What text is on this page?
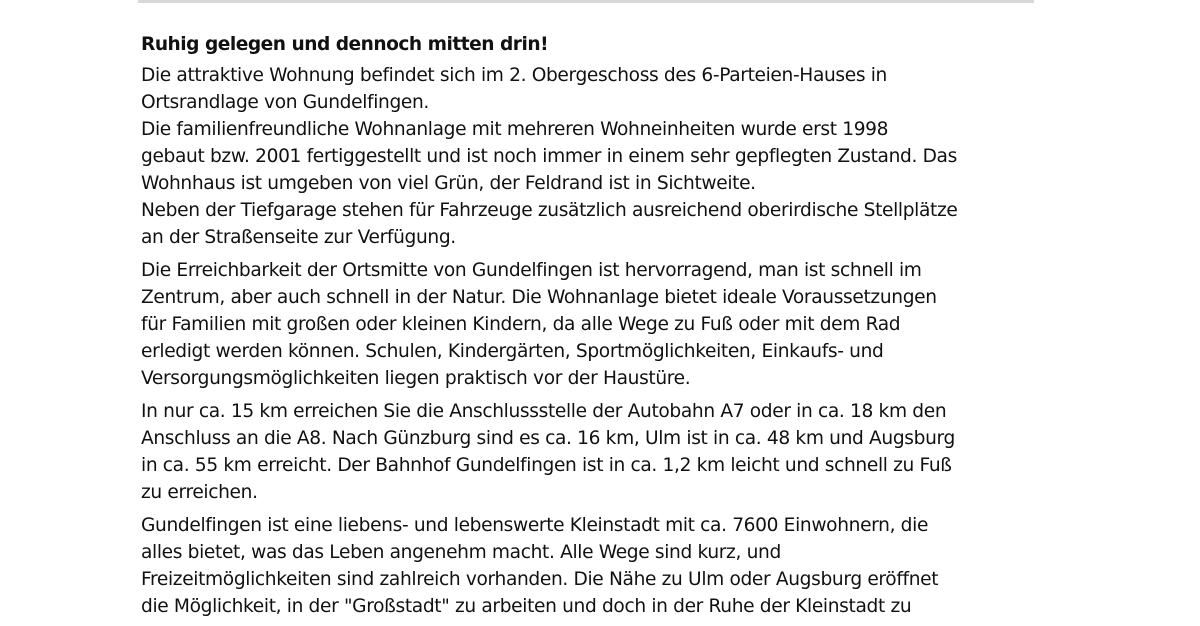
Ruhig gelegen und dennoch mitten drin!
Die attraktive Wohnung befindet sich im 2. Obergeschoss des 6-Parteien-Hauses in
Ortsrandlage von Gundelfingen.
Die familienfreundliche Wohnanlage mit mehreren Wohneinheiten wurde erst 1998
gebaut bzw. 2001 fertiggestellt und ist noch immer in einem sehr gepflegten Zustand. Das
Wohnhaus ist umgeben von viel Grün, der Feldrand ist in Sichtweite.
Neben der Tiefgarage stehen für Fahrzeuge zusätzlich ausreichend oberirdische Stellplätze
an der Straßenseite zur Verfügung.
Die Erreichbarkeit der Ortsmitte von Gundelfingen ist hervorragend, man ist schnell im
Zentrum, aber auch schnell in der Natur. Die Wohnanlage bietet ideale Voraussetzungen
für Familien mit großen oder kleinen Kindern, da alle Wege zu Fuß oder mit dem Rad
erledigt werden können. Schulen, Kindergärten, Sportmöglichkeiten, Einkaufs- und
Versorgungsmöglichkeiten liegen praktisch vor der Haustüre.
In nur ca. 15 km erreichen Sie die Anschlussstelle der Autobahn A7 oder in ca. 18 km den
Anschluss an die A8. Nach Günzburg sind es ca. 16 km, Ulm ist in ca. 48 km und Augsburg
in ca. 55 km erreicht. Der Bahnhof Gundelfingen ist in ca. 1,2 km leicht und schnell zu Fuß
zu erreichen.
Gundelfingen ist eine liebens- und lebenswerte Kleinstadt mit ca. 7600 Einwohnern, die
alles bietet, was das Leben angenehm macht. Alle Wege sind kurz, und
Freizeitmöglichkeiten sind zahlreich vorhanden. Die Nähe zu Ulm oder Augsburg eröffnet
die Möglichkeit, in der "Großstadt" zu arbeiten und doch in der Ruhe der Kleinstadt zu
